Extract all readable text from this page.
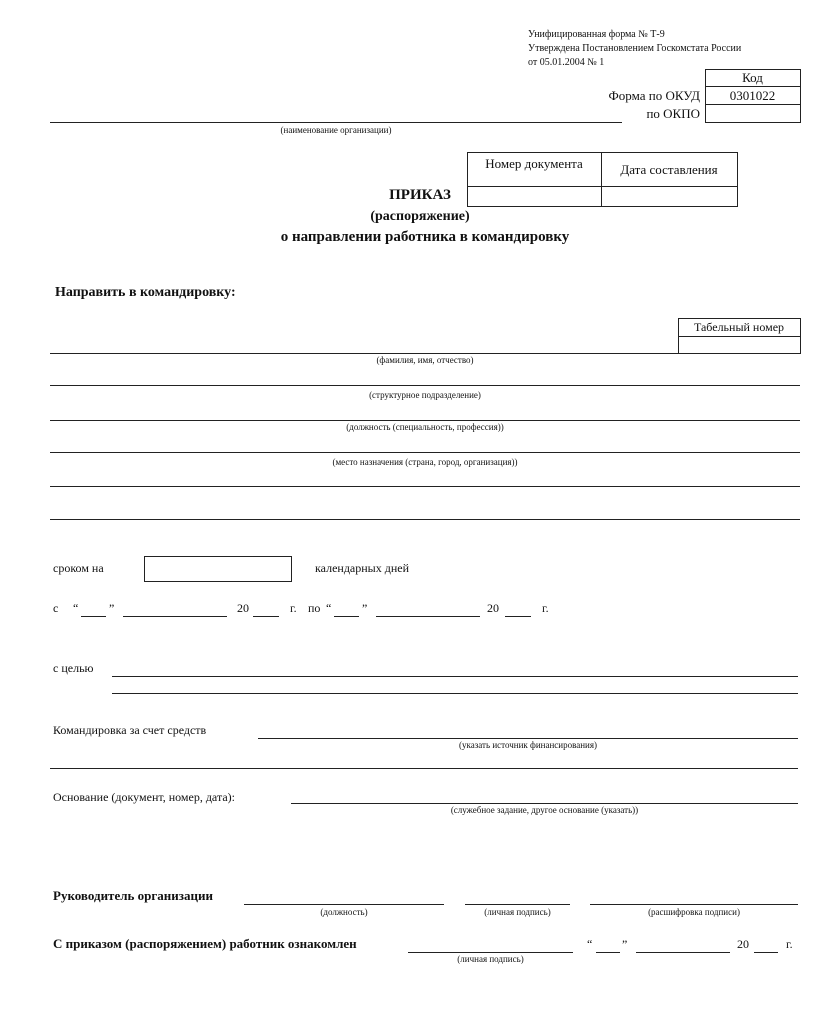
Унифицированная форма № Т-9
Утверждена Постановлением Госкомстата России
от 05.01.2004 № 1
Код
0301022
Форма по ОКУД
по ОКПО
(наименование организации)
Номер документа	Дата составления
ПРИКАЗ
(распоряжение)
о направлении работника в командировку
Направить в командировку:
Табельный номер
(фамилия, имя, отчество)
(структурное подразделение)
(должность (специальность, профессия))
(место назначения (страна, город, организация))
сроком на	календарных дней
с “	”	20	г. по “	”	20	г.
с целью
Командировка за счет средств
(указать источник финансирования)
Основание (документ, номер, дата):
(служебное задание, другое основание (указать))
Руководитель организации
(должность)	(личная подпись)	(расшифровка подписи)
С приказом (распоряжением) работник ознакомлен
(личная подпись)
“ ”	20	г.
